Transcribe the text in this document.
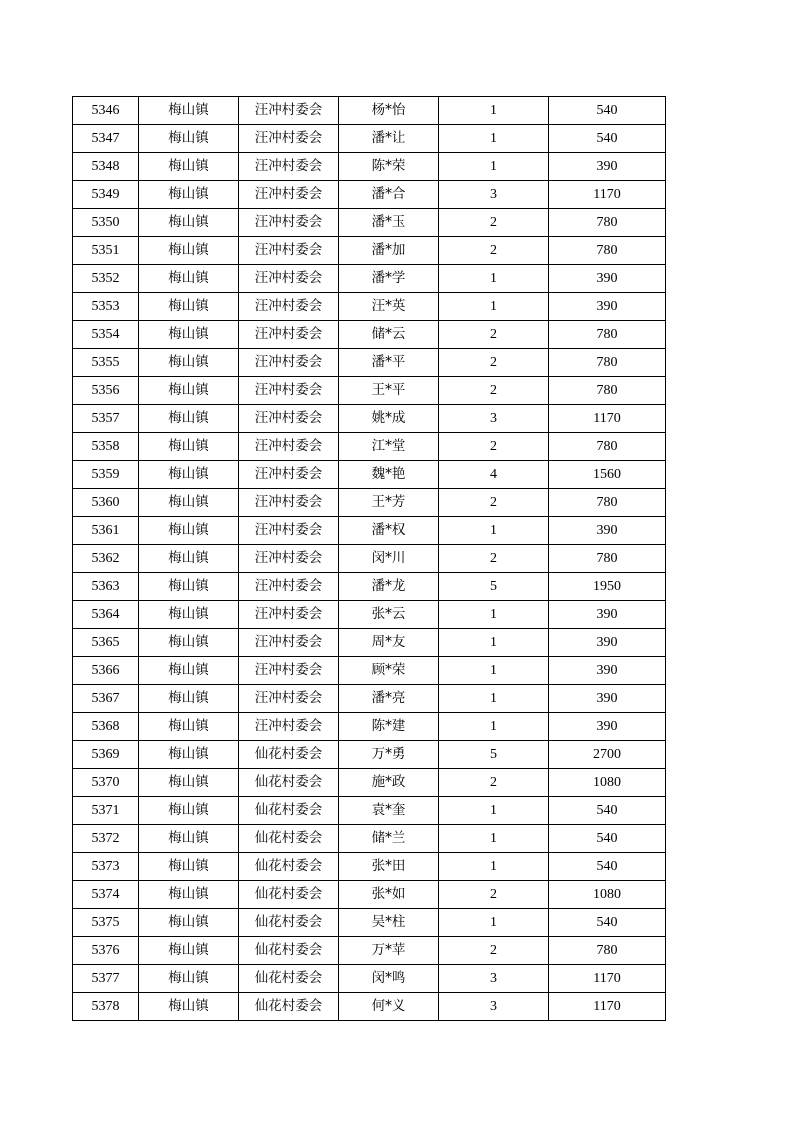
5346	梅山镇	汪冲村委会	杨*怡	1	540
5347	梅山镇	汪冲村委会	潘*让	1	540
5348	梅山镇	汪冲村委会	陈*荣	1	390
5349	梅山镇	汪冲村委会	潘*合	3	1170
5350	梅山镇	汪冲村委会	潘*玉	2	780
5351	梅山镇	汪冲村委会	潘*加	2	780
5352	梅山镇	汪冲村委会	潘*学	1	390
5353	梅山镇	汪冲村委会	汪*英	1	390
5354	梅山镇	汪冲村委会	储*云	2	780
5355	梅山镇	汪冲村委会	潘*平	2	780
5356	梅山镇	汪冲村委会	王*平	2	780
5357	梅山镇	汪冲村委会	姚*成	3	1170
5358	梅山镇	汪冲村委会	江*堂	2	780
5359	梅山镇	汪冲村委会	魏*艳	4	1560
5360	梅山镇	汪冲村委会	王*芳	2	780
5361	梅山镇	汪冲村委会	潘*权	1	390
5362	梅山镇	汪冲村委会	闵*川	2	780
5363	梅山镇	汪冲村委会	潘*龙	5	1950
5364	梅山镇	汪冲村委会	张*云	1	390
5365	梅山镇	汪冲村委会	周*友	1	390
5366	梅山镇	汪冲村委会	顾*荣	1	390
5367	梅山镇	汪冲村委会	潘*亮	1	390
5368	梅山镇	汪冲村委会	陈*建	1	390
5369	梅山镇	仙花村委会	万*勇	5	2700
5370	梅山镇	仙花村委会	施*政	2	1080
5371	梅山镇	仙花村委会	袁*奎	1	540
5372	梅山镇	仙花村委会	储*兰	1	540
5373	梅山镇	仙花村委会	张*田	1	540
5374	梅山镇	仙花村委会	张*如	2	1080
5375	梅山镇	仙花村委会	吴*柱	1	540
5376	梅山镇	仙花村委会	万*苹	2	780
5377	梅山镇	仙花村委会	闵*鸣	3	1170
5378	梅山镇	仙花村委会	何*义	3	1170
